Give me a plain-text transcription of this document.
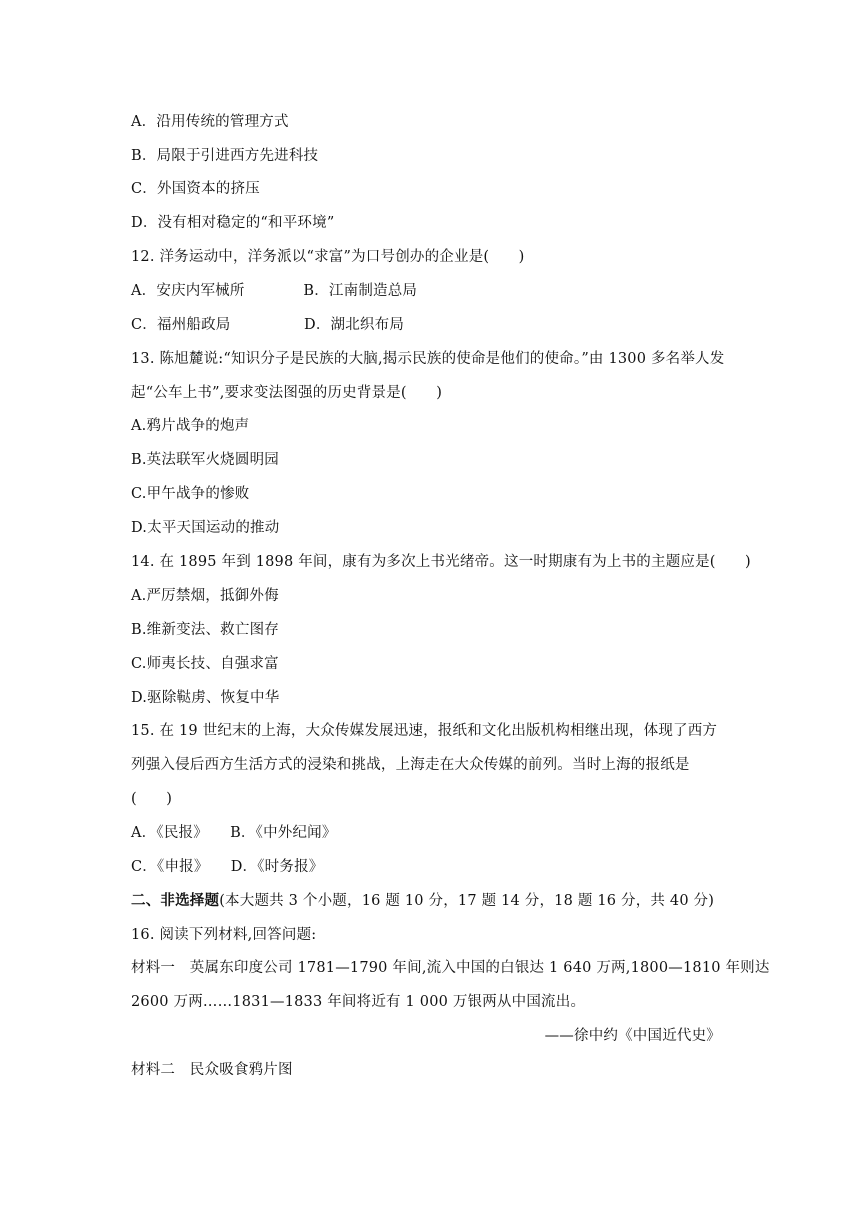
A．沿用传统的管理方式
B．局限于引进西方先进科技
C．外国资本的挤压
D．没有相对稳定的“和平环境”
12. 洋务运动中，洋务派以“求富”为口号创办的企业是(　　)
A．安庆内军械所　　　　B．江南制造总局
C．福州船政局　　　　　D．湖北织布局
13. 陈旭麓说:“知识分子是民族的大脑,揭示民族的使命是他们的使命。”由 1300 多名举人发
起“公车上书”,要求变法图强的历史背景是(　　)
A.鸦片战争的炮声
B.英法联军火烧圆明园
C.甲午战争的惨败
D.太平天国运动的推动
14. 在 1895 年到 1898 年间，康有为多次上书光绪帝。这一时期康有为上书的主题应是(　　)
A.严厉禁烟，抵御外侮
B.维新变法、救亡图存
C.师夷长技、自强求富
D.驱除鞑虏、恢复中华
15. 在 19 世纪末的上海，大众传媒发展迅速，报纸和文化出版机构相继出现，体现了西方
列强入侵后西方生活方式的浸染和挑战，上海走在大众传媒的前列。当时上海的报纸是
(　　)
A．《民报》　　B．《中外纪闻》
C．《申报》　　D．《时务报》
二、非选择题(本大题共 3 个小题，16 题 10 分，17 题 14 分，18 题 16 分，共 40 分)
16. 阅读下列材料,回答问题:
材料一　英属东印度公司 1781—1790 年间,流入中国的白银达 1 640 万两,1800—1810 年则达
2600 万两……1831—1833 年间将近有 1 000 万银两从中国流出。
——徐中约《中国近代史》
材料二　民众吸食鸦片图
